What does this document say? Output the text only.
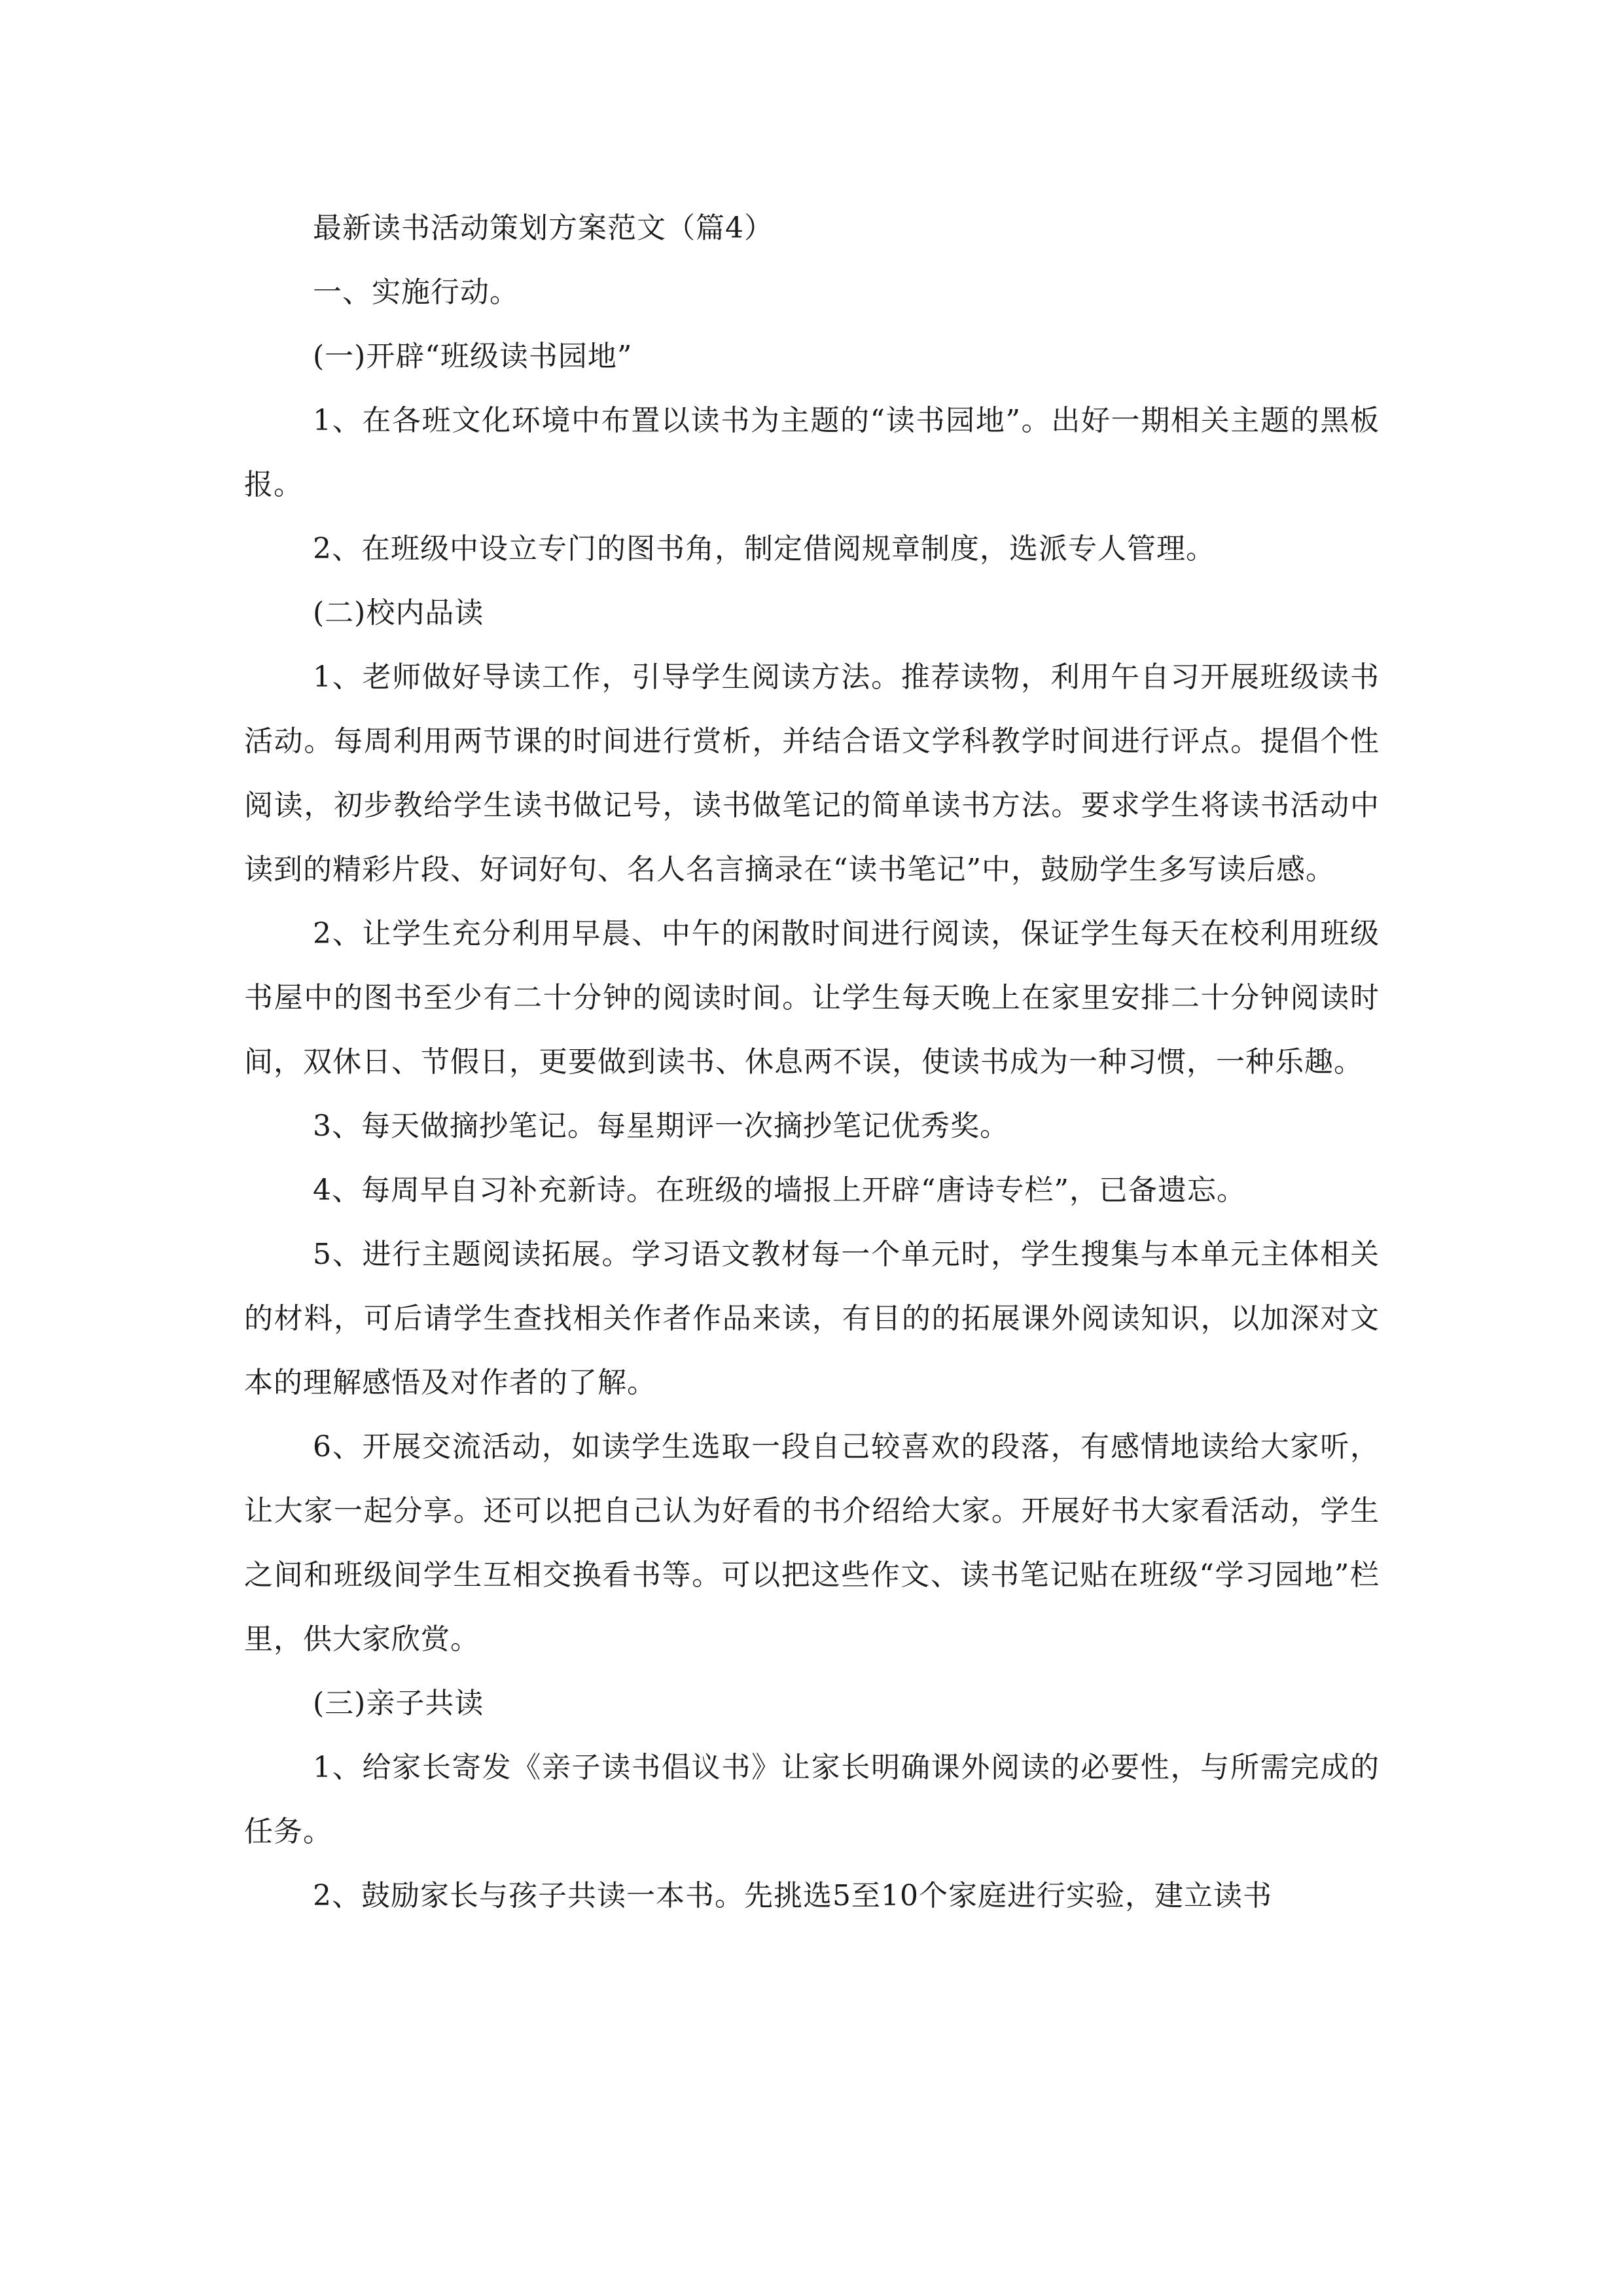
最新读书活动策划方案范文（篇4）

一、实施行动。

(一)开辟“班级读书园地”

1、在各班文化环境中布置以读书为主题的“读书园地”。出好一期相关主题的黑板报。

2、在班级中设立专门的图书角，制定借阅规章制度，选派专人管理。

(二)校内品读

1、老师做好导读工作，引导学生阅读方法。推荐读物，利用午自习开展班级读书活动。每周利用两节课的时间进行赏析，并结合语文学科教学时间进行评点。提倡个性阅读，初步教给学生读书做记号，读书做笔记的简单读书方法。要求学生将读书活动中读到的精彩片段、好词好句、名人名言摘录在“读书笔记”中，鼓励学生多写读后感。

2、让学生充分利用早晨、中午的闲散时间进行阅读，保证学生每天在校利用班级书屋中的图书至少有二十分钟的阅读时间。让学生每天晚上在家里安排二十分钟阅读时间，双休日、节假日，更要做到读书、休息两不误，使读书成为一种习惯，一种乐趣。

3、每天做摘抄笔记。每星期评一次摘抄笔记优秀奖。

4、每周早自习补充新诗。在班级的墙报上开辟“唐诗专栏”，已备遗忘。

5、进行主题阅读拓展。学习语文教材每一个单元时，学生搜集与本单元主体相关的材料，可后请学生查找相关作者作品来读，有目的的拓展课外阅读知识，以加深对文本的理解感悟及对作者的了解。

6、开展交流活动，如读学生选取一段自己较喜欢的段落，有感情地读给大家听，让大家一起分享。还可以把自己认为好看的书介绍给大家。开展好书大家看活动，学生之间和班级间学生互相交换看书等。可以把这些作文、读书笔记贴在班级“学习园地”栏里，供大家欣赏。

(三)亲子共读

1、给家长寄发《亲子读书倡议书》让家长明确课外阅读的必要性，与所需完成的任务。

2、鼓励家长与孩子共读一本书。先挑选5至10个家庭进行实验，建立读书
